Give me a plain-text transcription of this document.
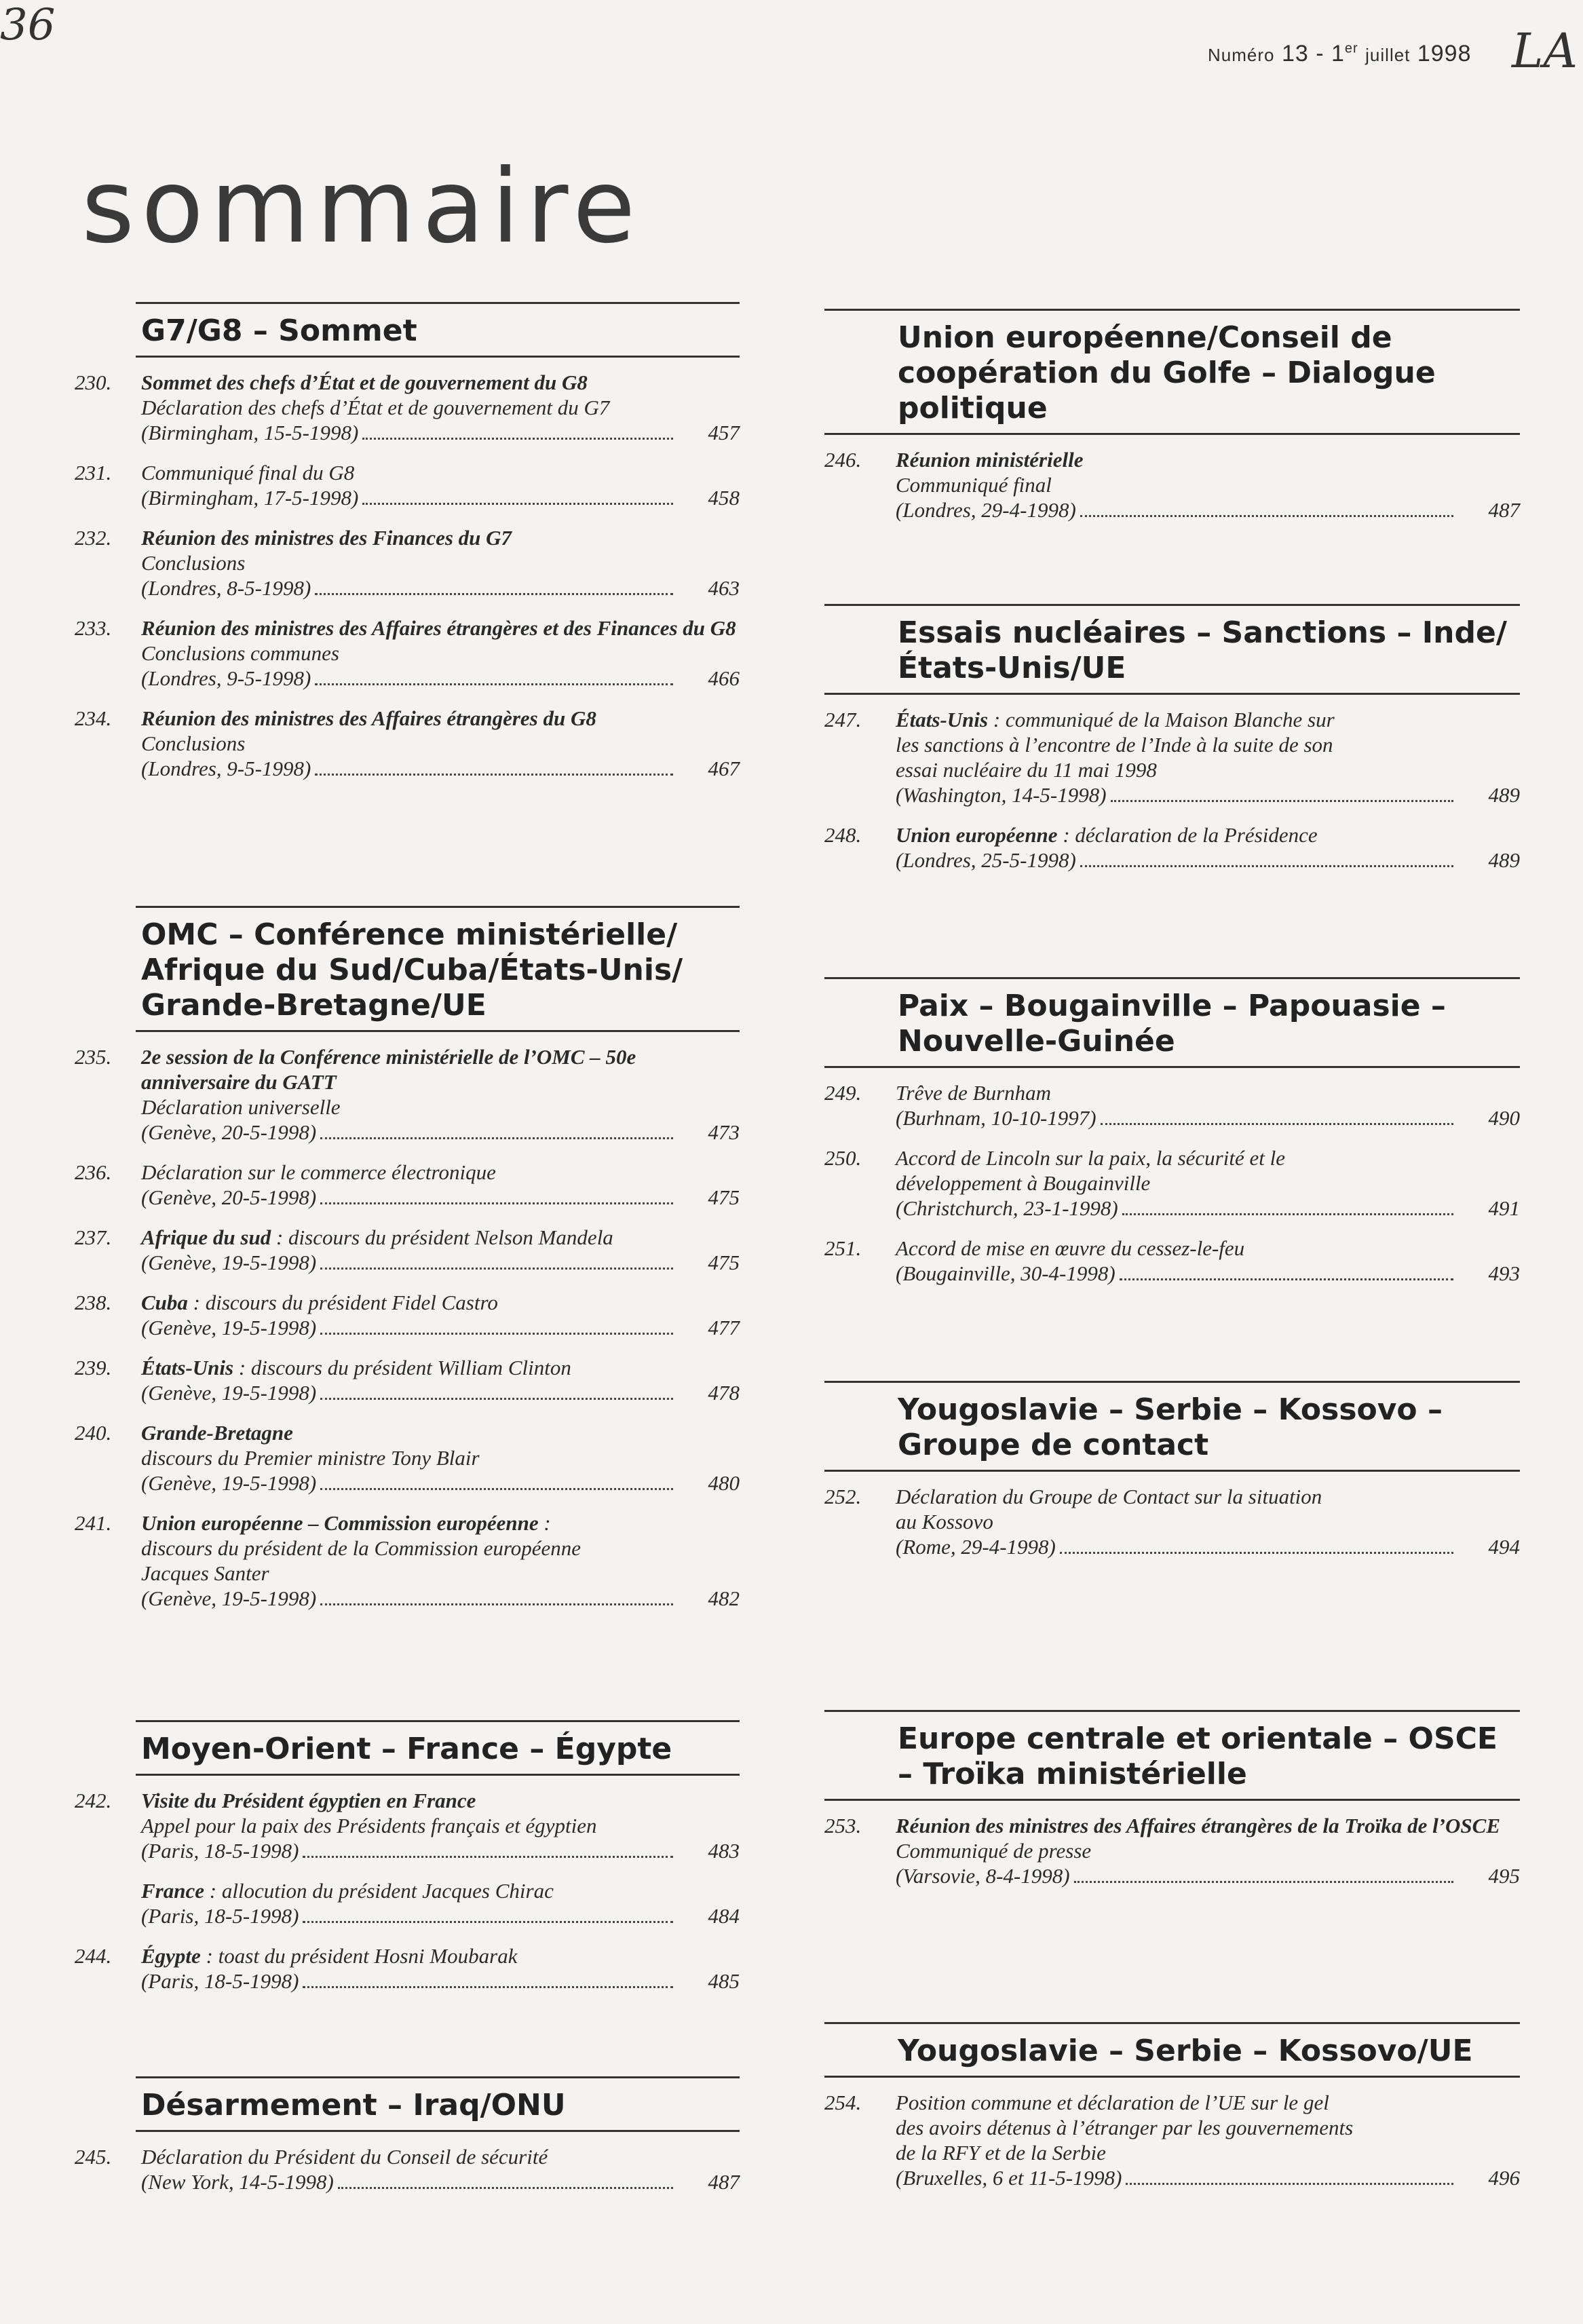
36	LA
Numéro 13 - 1er juillet 1998
sommaire
G7/G8 – Sommet
230. Sommet des chefs d’État et de gouvernement du G8
Déclaration des chefs d’État et de gouvernement du G7
(Birmingham, 15-5-1998)	457
231. Communiqué final du G8
(Birmingham, 17-5-1998)	458
232. Réunion des ministres des Finances du G7
Conclusions
(Londres, 8-5-1998)	463
233. Réunion des ministres des Affaires étrangères et des Finances du G8
Conclusions communes
(Londres, 9-5-1998)	466
234. Réunion des ministres des Affaires étrangères du G8
Conclusions
(Londres, 9-5-1998)	467
OMC – Conférence ministérielle/ Afrique du Sud/Cuba/États-Unis/ Grande-Bretagne/UE
235. 2e session de la Conférence ministérielle de l’OMC – 50e anniversaire du GATT
Déclaration universelle
(Genève, 20-5-1998)	473
236. Déclaration sur le commerce électronique
(Genève, 20-5-1998)	475
237. Afrique du sud : discours du président Nelson Mandela
(Genève, 19-5-1998)	475
238. Cuba : discours du président Fidel Castro
(Genève, 19-5-1998)	477
239. États-Unis : discours du président William Clinton
(Genève, 19-5-1998)	478
240. Grande-Bretagne
discours du Premier ministre Tony Blair
(Genève, 19-5-1998)	480
241. Union européenne – Commission européenne :
discours du président de la Commission européenne
Jacques Santer
(Genève, 19-5-1998)	482
Moyen-Orient – France – Égypte
242. Visite du Président égyptien en France
Appel pour la paix des Présidents français et égyptien
(Paris, 18-5-1998)	483
France : allocution du président Jacques Chirac
(Paris, 18-5-1998)	484
244. Égypte : toast du président Hosni Moubarak
(Paris, 18-5-1998)	485
Désarmement – Iraq/ONU
245. Déclaration du Président du Conseil de sécurité
(New York, 14-5-1998)	487
Union européenne/Conseil de coopération du Golfe – Dialogue politique
246. Réunion ministérielle
Communiqué final
(Londres, 29-4-1998)	487
Essais nucléaires – Sanctions – Inde/États-Unis/UE
247. États-Unis : communiqué de la Maison Blanche sur
les sanctions à l’encontre de l’Inde à la suite de son
essai nucléaire du 11 mai 1998
(Washington, 14-5-1998)	489
248. Union européenne : déclaration de la Présidence
(Londres, 25-5-1998)	489
Paix – Bougainville – Papouasie – Nouvelle-Guinée
249. Trêve de Burnham
(Burhnam, 10-10-1997)	490
250. Accord de Lincoln sur la paix, la sécurité et le
développement à Bougainville
(Christchurch, 23-1-1998)	491
251. Accord de mise en œuvre du cessez-le-feu
(Bougainville, 30-4-1998)	493
Yougoslavie – Serbie – Kossovo – Groupe de contact
252. Déclaration du Groupe de Contact sur la situation
au Kossovo
(Rome, 29-4-1998)	494
Europe centrale et orientale – OSCE – Troïka ministérielle
253. Réunion des ministres des Affaires étrangères de la Troïka de l’OSCE
Communiqué de presse
(Varsovie, 8-4-1998)	495
Yougoslavie – Serbie – Kossovo/UE
254. Position commune et déclaration de l’UE sur le gel
des avoirs détenus à l’étranger par les gouvernements
de la RFY et de la Serbie
(Bruxelles, 6 et 11-5-1998)	496
